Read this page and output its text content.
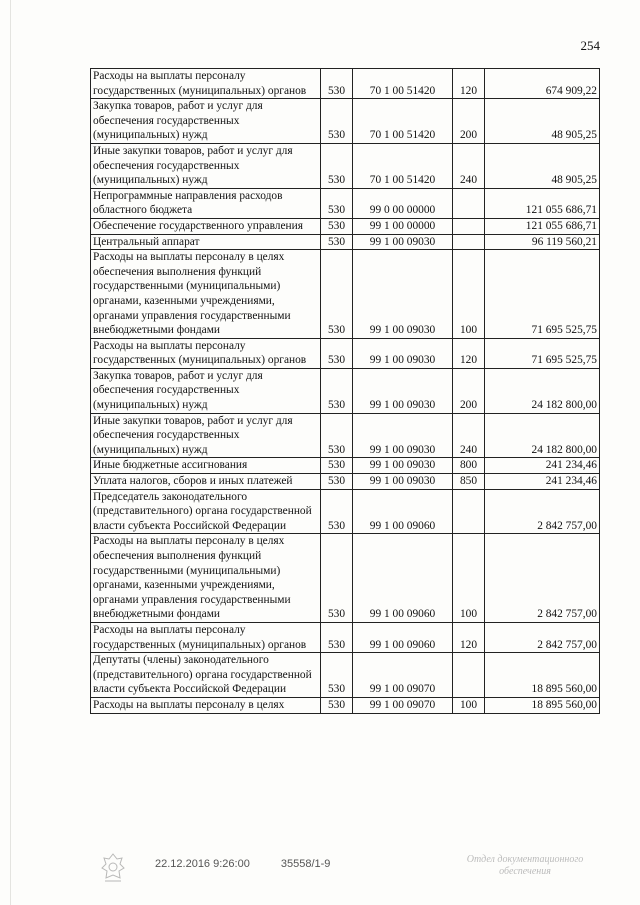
254
Расходы на выплаты персоналу государственных (муниципальных) органов	530	70 1 00 51420	120	674 909,22
Закупка товаров, работ и услуг для обеспечения государственных (муниципальных) нужд	530	70 1 00 51420	200	48 905,25
Иные закупки товаров, работ и услуг для обеспечения государственных (муниципальных) нужд	530	70 1 00 51420	240	48 905,25
Непрограммные направления расходов областного бюджета	530	99 0 00 00000		121 055 686,71
Обеспечение государственного управления	530	99 1 00 00000		121 055 686,71
Центральный аппарат	530	99 1 00 09030		96 119 560,21
Расходы на выплаты персоналу в целях обеспечения выполнения функций государственными (муниципальными) органами, казенными учреждениями, органами управления государственными внебюджетными фондами	530	99 1 00 09030	100	71 695 525,75
Расходы на выплаты персоналу государственных (муниципальных) органов	530	99 1 00 09030	120	71 695 525,75
Закупка товаров, работ и услуг для обеспечения государственных (муниципальных) нужд	530	99 1 00 09030	200	24 182 800,00
Иные закупки товаров, работ и услуг для обеспечения государственных (муниципальных) нужд	530	99 1 00 09030	240	24 182 800,00
Иные бюджетные ассигнования	530	99 1 00 09030	800	241 234,46
Уплата налогов, сборов и иных платежей	530	99 1 00 09030	850	241 234,46
Председатель законодательного (представительного) органа государственной власти субъекта Российской Федерации	530	99 1 00 09060		2 842 757,00
Расходы на выплаты персоналу в целях обеспечения выполнения функций государственными (муниципальными) органами, казенными учреждениями, органами управления государственными внебюджетными фондами	530	99 1 00 09060	100	2 842 757,00
Расходы на выплаты персоналу государственных (муниципальных) органов	530	99 1 00 09060	120	2 842 757,00
Депутаты (члены) законодательного (представительного) органа государственной власти субъекта Российской Федерации	530	99 1 00 09070		18 895 560,00
Расходы на выплаты персоналу в целях	530	99 1 00 09070	100	18 895 560,00
22.12.2016 9:26:00	35558/1-9	Отдел документационного обеспечения
